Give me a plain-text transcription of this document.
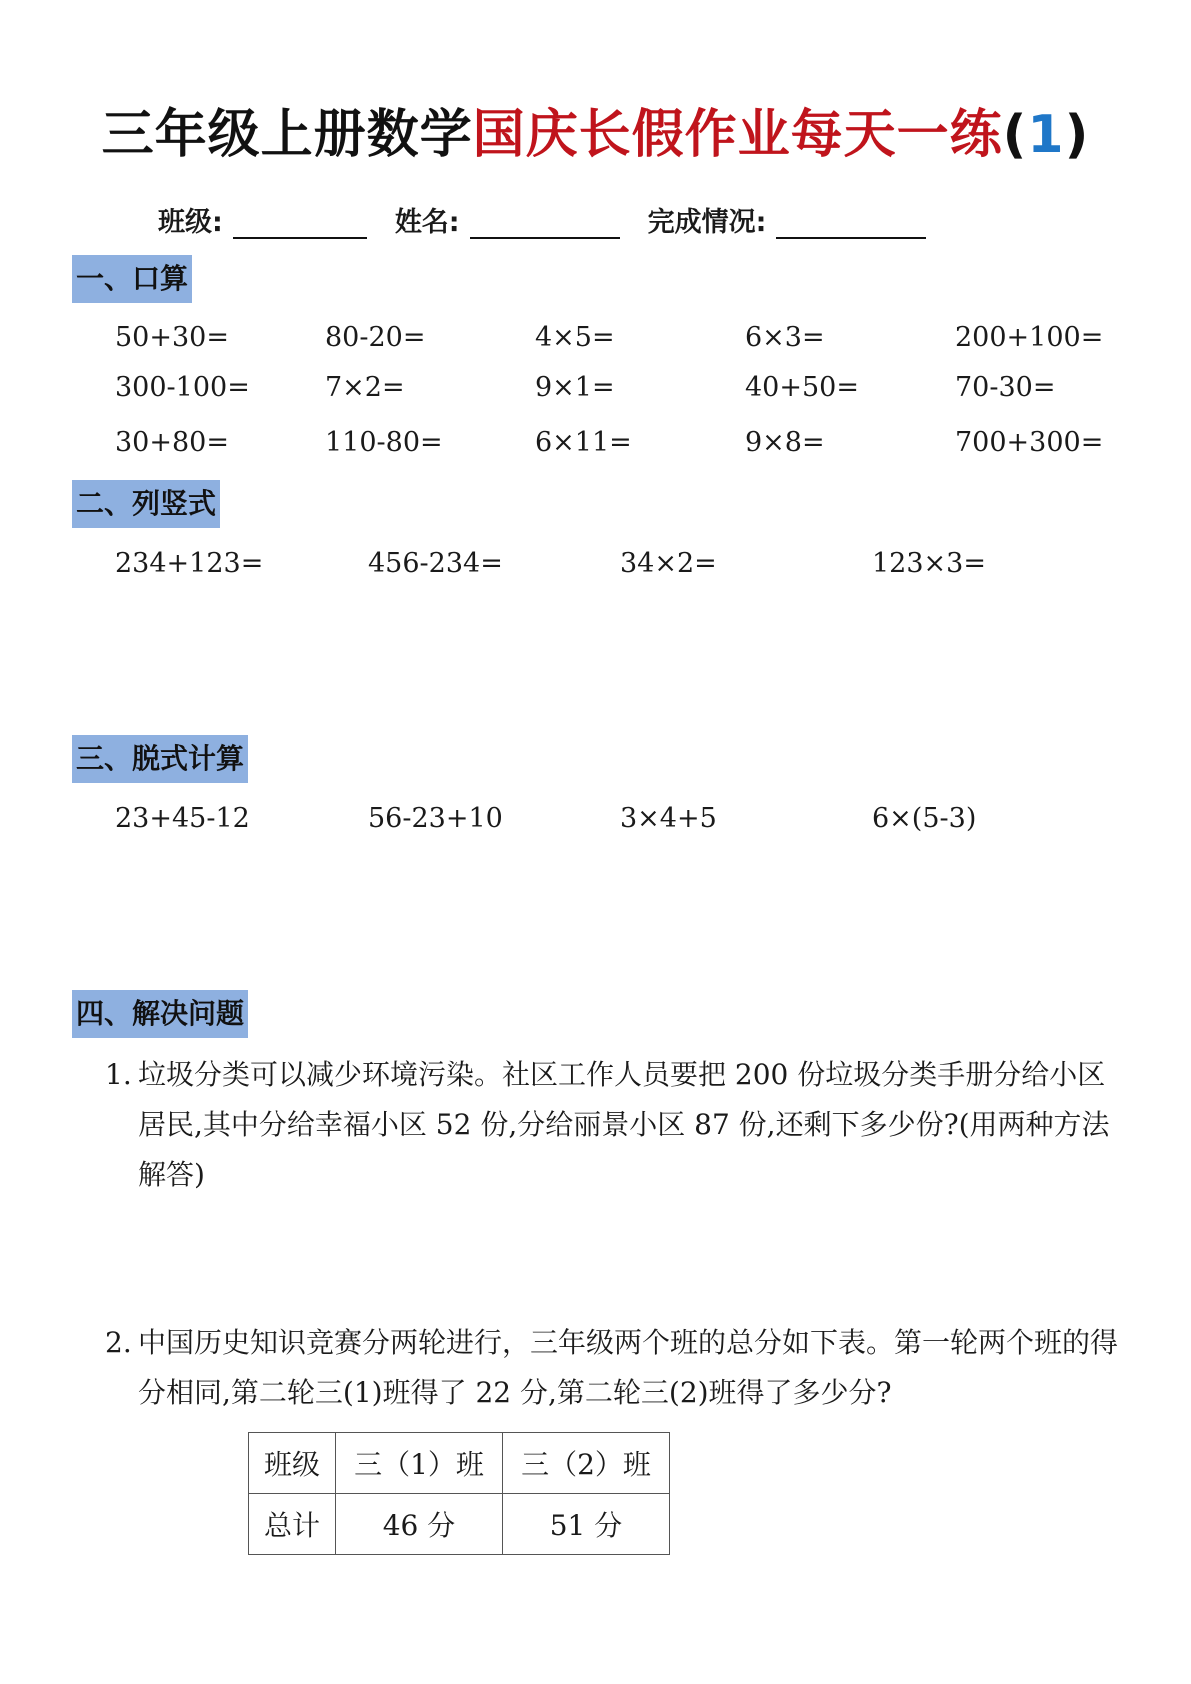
三年级上册数学国庆长假作业每天一练(1)
班级:	姓名:	完成情况:
一、口算
50+30=	80-20=	4×5=	6×3=	200+100=
300-100=	7×2=	9×1=	40+50=	70-30=
30+80=	110-80=	6×11=	9×8=	700+300=
二、列竖式
234+123=	456-234=	34×2=	123×3=
三、脱式计算
23+45-12	56-23+10	3×4+5	6×(5-3)
四、解决问题
1. 垃圾分类可以减少环境污染。社区工作人员要把 200 份垃圾分类手册分给小区居民,其中分给幸福小区 52 份,分给丽景小区 87 份,还剩下多少份?(用两种方法解答)
2. 中国历史知识竞赛分两轮进行，三年级两个班的总分如下表。第一轮两个班的得分相同,第二轮三(1)班得了 22 分,第二轮三(2)班得了多少分?
班级	三（1）班	三（2）班
总计	46 分	51 分
